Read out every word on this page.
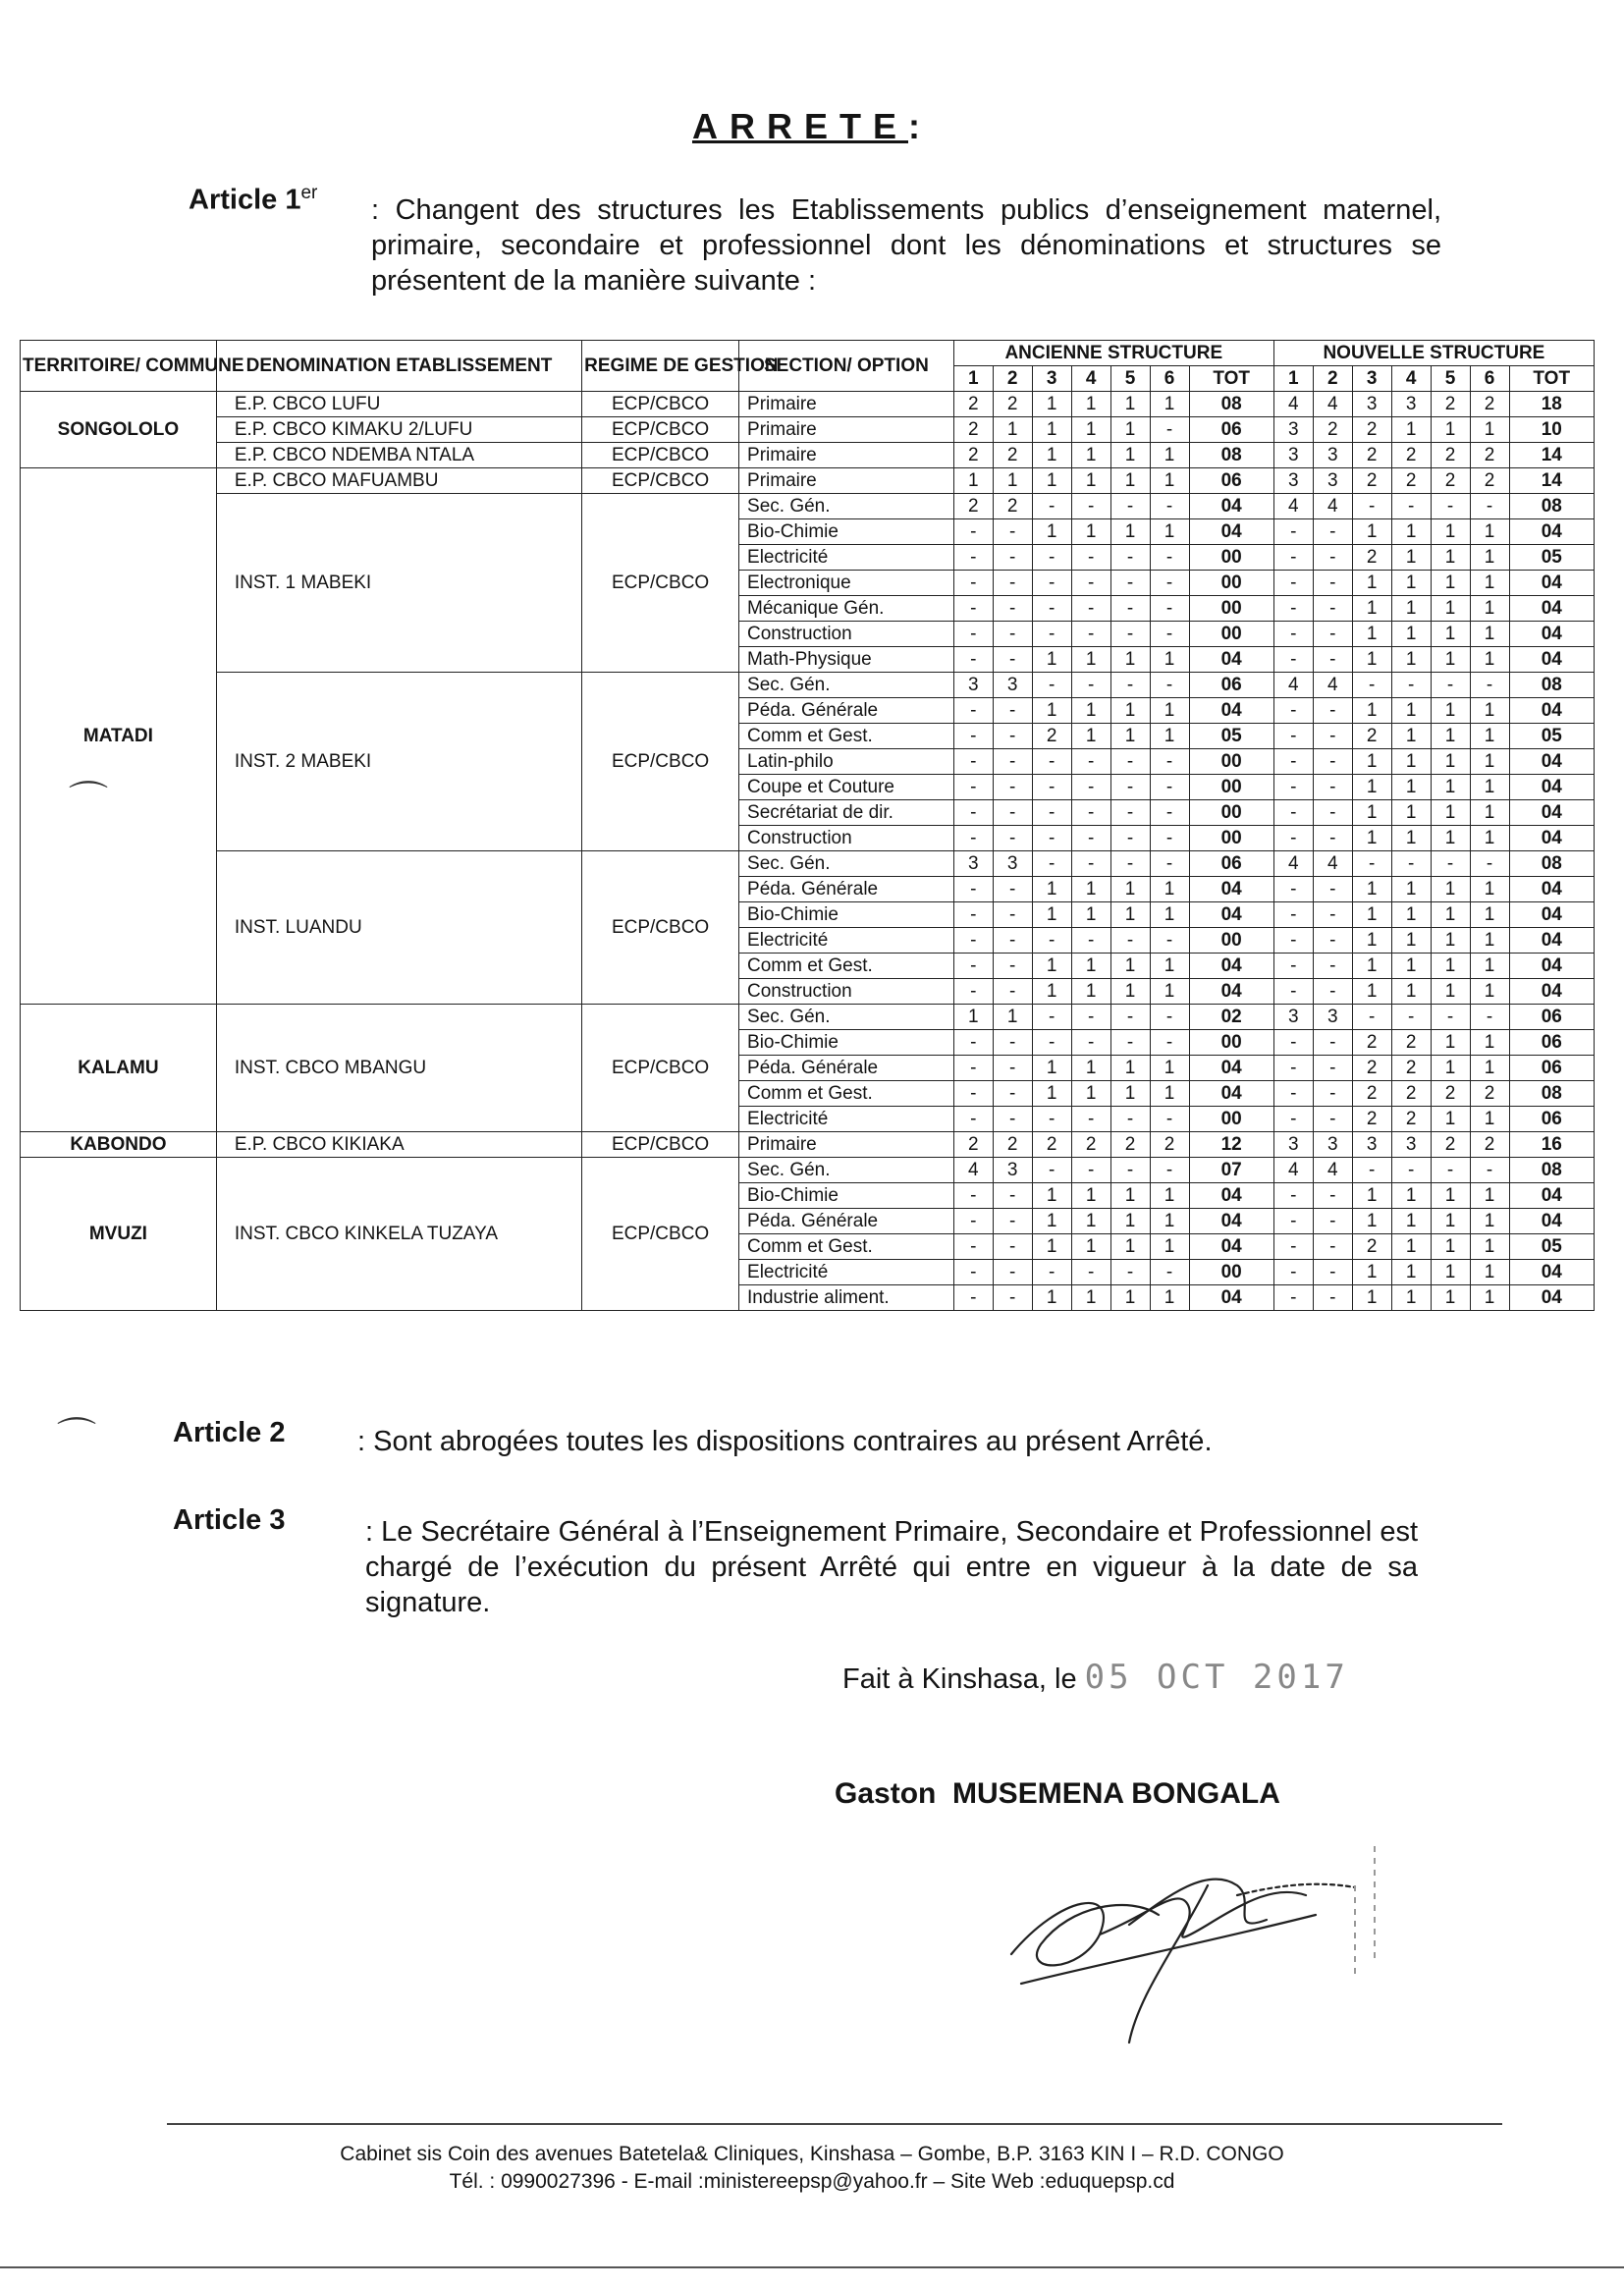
ARRETE:
Article 1er
: Changent des structures les Etablissements publics d’enseignement maternel, primaire, secondaire et professionnel dont les dénominations et structures se présentent de la manière suivante :
TERRITOIRE/ COMMUNE	DENOMINATION ETABLISSEMENT	REGIME DE GESTION	SECTION/ OPTION	ANCIENNE STRUCTURE							NOUVELLE STRUCTURE						
				1	2	3	4	5	6	TOT	1	2	3	4	5	6	TOT
SONGOLOLO	E.P. CBCO LUFU	ECP/CBCO	Primaire	2	2	1	1	1	1	08	4	4	3	3	2	2	18
	E.P. CBCO KIMAKU 2/LUFU	ECP/CBCO	Primaire	2	1	1	1	1	-	06	3	2	2	1	1	1	10
	E.P. CBCO NDEMBA NTALA	ECP/CBCO	Primaire	2	2	1	1	1	1	08	3	3	2	2	2	2	14
MATADI	E.P. CBCO MAFUAMBU	ECP/CBCO	Primaire	1	1	1	1	1	1	06	3	3	2	2	2	2	14
	INST. 1 MABEKI	ECP/CBCO	Sec. Gén.	2	2	-	-	-	-	04	4	4	-	-	-	-	08
			Bio-Chimie	-	-	1	1	1	1	04	-	-	1	1	1	1	04
			Electricité	-	-	-	-	-	-	00	-	-	2	1	1	1	05
			Electronique	-	-	-	-	-	-	00	-	-	1	1	1	1	04
			Mécanique Gén.	-	-	-	-	-	-	00	-	-	1	1	1	1	04
			Construction	-	-	-	-	-	-	00	-	-	1	1	1	1	04
			Math-Physique	-	-	1	1	1	1	04	-	-	1	1	1	1	04
	INST. 2 MABEKI	ECP/CBCO	Sec. Gén.	3	3	-	-	-	-	06	4	4	-	-	-	-	08
			Péda. Générale	-	-	1	1	1	1	04	-	-	1	1	1	1	04
			Comm et Gest.	-	-	2	1	1	1	05	-	-	2	1	1	1	05
			Latin-philo	-	-	-	-	-	-	00	-	-	1	1	1	1	04
			Coupe et Couture	-	-	-	-	-	-	00	-	-	1	1	1	1	04
			Secrétariat de dir.	-	-	-	-	-	-	00	-	-	1	1	1	1	04
			Construction	-	-	-	-	-	-	00	-	-	1	1	1	1	04
	INST. LUANDU	ECP/CBCO	Sec. Gén.	3	3	-	-	-	-	06	4	4	-	-	-	-	08
			Péda. Générale	-	-	1	1	1	1	04	-	-	1	1	1	1	04
			Bio-Chimie	-	-	1	1	1	1	04	-	-	1	1	1	1	04
			Electricité	-	-	-	-	-	-	00	-	-	1	1	1	1	04
			Comm et Gest.	-	-	1	1	1	1	04	-	-	1	1	1	1	04
			Construction	-	-	1	1	1	1	04	-	-	1	1	1	1	04
KALAMU	INST. CBCO MBANGU	ECP/CBCO	Sec. Gén.	1	1	-	-	-	-	02	3	3	-	-	-	-	06
			Bio-Chimie	-	-	-	-	-	-	00	-	-	2	2	1	1	06
			Péda. Générale	-	-	1	1	1	1	04	-	-	2	2	1	1	06
			Comm et Gest.	-	-	1	1	1	1	04	-	-	2	2	2	2	08
			Electricité	-	-	-	-	-	-	00	-	-	2	2	1	1	06
KABONDO	E.P. CBCO KIKIAKA	ECP/CBCO	Primaire	2	2	2	2	2	2	12	3	3	3	3	2	2	16
MVUZI	INST. CBCO KINKELA TUZAYA	ECP/CBCO	Sec. Gén.	4	3	-	-	-	-	07	4	4	-	-	-	-	08
			Bio-Chimie	-	-	1	1	1	1	04	-	-	1	1	1	1	04
			Péda. Générale	-	-	1	1	1	1	04	-	-	1	1	1	1	04
			Comm et Gest.	-	-	1	1	1	1	04	-	-	2	1	1	1	05
			Electricité	-	-	-	-	-	-	00	-	-	1	1	1	1	04
			Industrie aliment.	-	-	1	1	1	1	04	-	-	1	1	1	1	04
⌒
⌒	Article 2	: Sont abrogées toutes les dispositions contraires au présent Arrêté.
Article 3	: Le Secrétaire Général à l’Enseignement Primaire, Secondaire et Professionnel est chargé de l’exécution du présent Arrêté qui entre en vigueur à la date de sa signature.
Fait à Kinshasa, le 05 OCT 2017
Gaston MUSEMENA BONGALA
Cabinet sis Coin des avenues Batetela& Cliniques, Kinshasa – Gombe, B.P. 3163 KIN I – R.D. CONGO
Tél. : 0990027396 - E-mail :ministereepsp@yahoo.fr – Site Web :eduquepsp.cd
